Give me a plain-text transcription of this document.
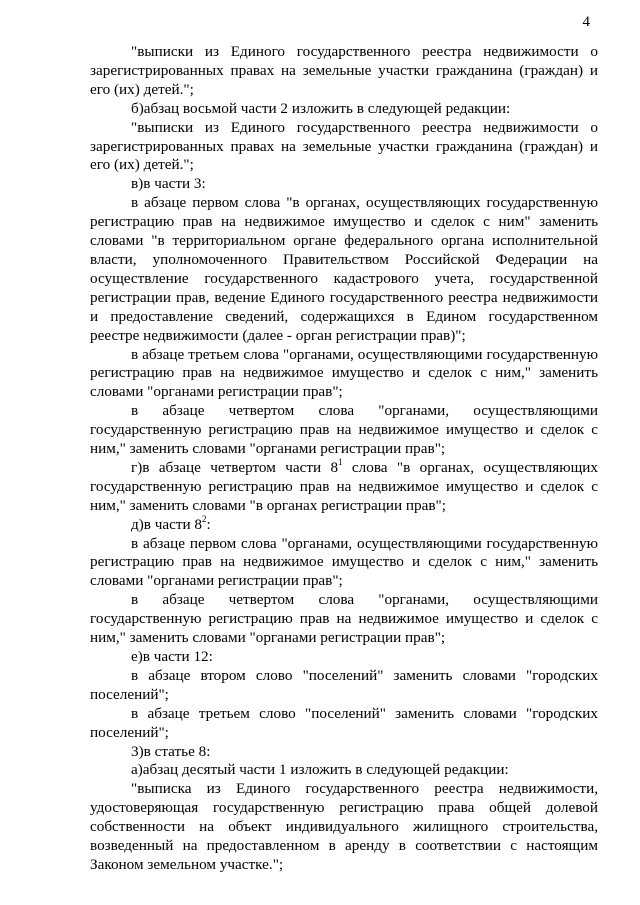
4

"выписки из Единого государственного реестра недвижимости о зарегистрированных правах на земельные участки гражданина (граждан) и его (их) детей.";

б)абзац восьмой части 2 изложить в следующей редакции:

"выписки из Единого государственного реестра недвижимости о зарегистрированных правах на земельные участки гражданина (граждан) и его (их) детей.";

в)в части 3:

в абзаце первом слова "в органах, осуществляющих государственную регистрацию прав на недвижимое имущество и сделок с ним" заменить словами "в территориальном органе федерального органа исполнительной власти, уполномоченного Правительством Российской Федерации на осуществление государственного кадастрового учета, государственной регистрации прав, ведение Единого государственного реестра недвижимости и предоставление сведений, содержащихся в Едином государственном реестре недвижимости (далее - орган регистрации прав)";

в абзаце третьем слова "органами, осуществляющими государственную регистрацию прав на недвижимое имущество и сделок с ним," заменить словами "органами регистрации прав";

в абзаце четвертом слова "органами, осуществляющими государственную регистрацию прав на недвижимое имущество и сделок с ним," заменить словами "органами регистрации прав";

г)в абзаце четвертом части $8^1$ слова "в органах, осуществляющих государственную регистрацию прав на недвижимое имущество и сделок с ним," заменить словами "в органах регистрации прав";

д)в части $8^2$:

в абзаце первом слова "органами, осуществляющими государственную регистрацию прав на недвижимое имущество и сделок с ним," заменить словами "органами регистрации прав";

в абзаце четвертом слова "органами, осуществляющими государственную регистрацию прав на недвижимое имущество и сделок с ним," заменить словами "органами регистрации прав";

е)в части 12:

в абзаце втором слово "поселений" заменить словами "городских поселений";

в абзаце третьем слово "поселений" заменить словами "городских поселений";

3)в статье 8:

а)абзац десятый части 1 изложить в следующей редакции:

"выписка из Единого государственного реестра недвижимости, удостоверяющая государственную регистрацию права общей долевой собственности на объект индивидуального жилищного строительства, возведенный на предоставленном в аренду в соответствии с настоящим Законом земельном участке.";
